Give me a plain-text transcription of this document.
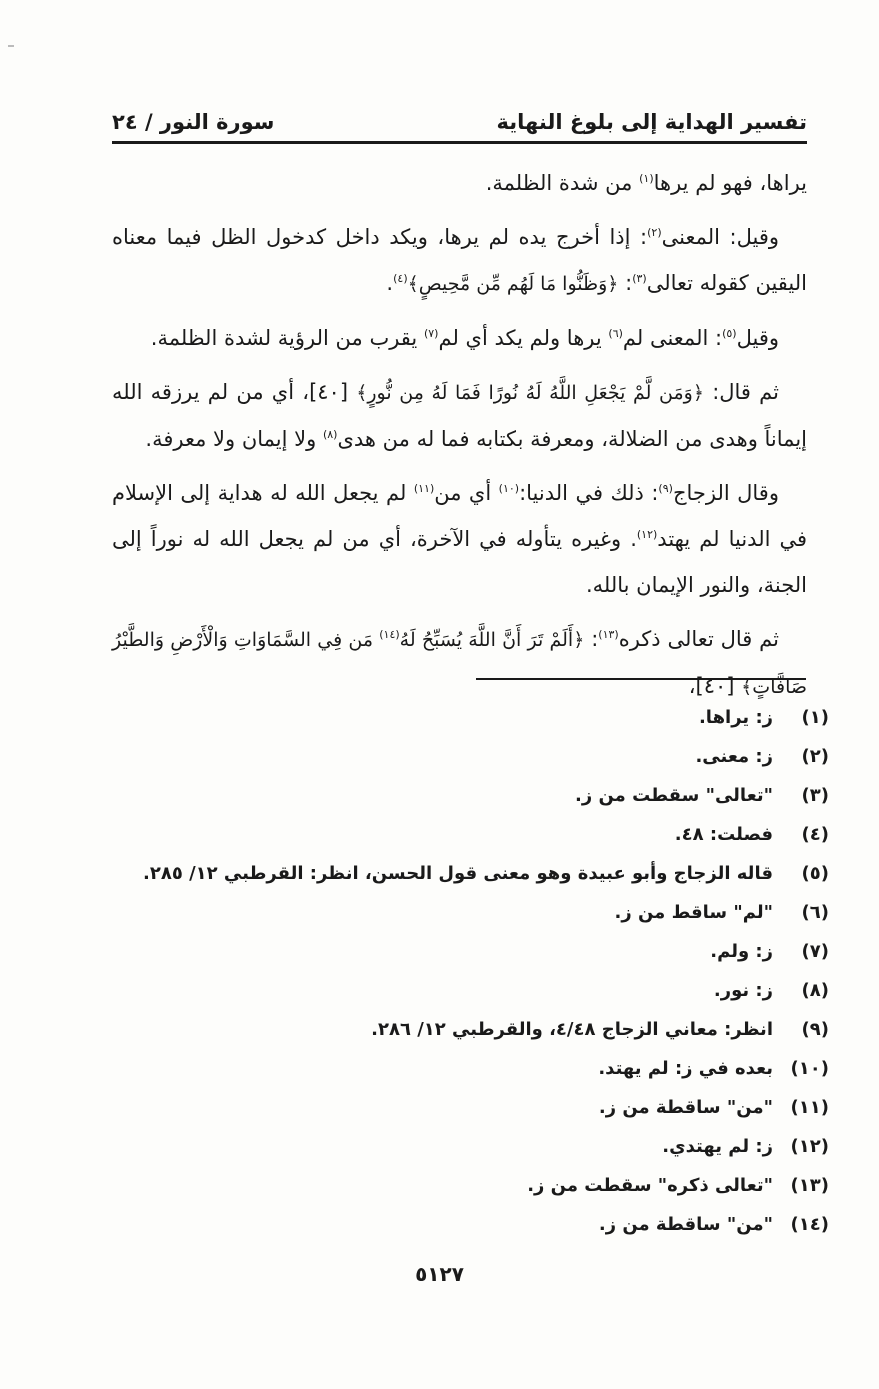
تفسير الهداية إلى بلوغ النهاية
سورة النور / ٢٤

يراها، فهو لم يرها$^{(١)}$ من شدة الظلمة.

وقيل: المعنى$^{(٢)}$: إذا أخرج يده لم يرها، ويكد داخل كدخول الظل فيما معناه اليقين كقوله تعالى$^{(٣)}$: ﴿وَظَنُّوا مَا لَهُم مِّن مَّحِيصٍ﴾$^{(٤)}$.

وقيل$^{(٥)}$: المعنى لم$^{(٦)}$ يرها ولم يكد أي لم$^{(٧)}$ يقرب من الرؤية لشدة الظلمة.

ثم قال: ﴿وَمَن لَّمْ يَجْعَلِ اللَّهُ لَهُ نُورًا فَمَا لَهُ مِن نُّورٍ﴾ [٤٠]، أي من لم يرزقه الله إيماناً وهدى من الضلالة، ومعرفة بكتابه فما له من هدى$^{(٨)}$ ولا إيمان ولا معرفة.

وقال الزجاج$^{(٩)}$: ذلك في الدنيا:$^{(١٠)}$ أي من$^{(١١)}$ لم يجعل الله له هداية إلى الإسلام في الدنيا لم يهتد$^{(١٢)}$. وغيره يتأوله في الآخرة، أي من لم يجعل الله له نوراً إلى الجنة، والنور الإيمان بالله.

ثم قال تعالى ذكره$^{(١٣)}$: ﴿أَلَمْ تَرَ أَنَّ اللَّهَ يُسَبِّحُ لَهُ$^{(١٤)}$ مَن فِي السَّمَاوَاتِ وَالْأَرْضِ وَالطَّيْرُ صَافَّاتٍ﴾ [٤٠]،

(١)
ز: يراها.
(٢)
ز: معنى.
(٣)
"تعالى" سقطت من ز.
(٤)
فصلت: ٤٨.
(٥)
قاله الزجاج وأبو عبيدة وهو معنى قول الحسن، انظر: القرطبي ١٢/ ٢٨٥.
(٦)
"لم" ساقط من ز.
(٧)
ز: ولم.
(٨)
ز: نور.
(٩)
انظر: معاني الزجاج ٤/٤٨، والقرطبي ١٢/ ٢٨٦.
(١٠)
بعده في ز: لم يهتد.
(١١)
"من" ساقطة من ز.
(١٢)
ز: لم يهتدي.
(١٣)
"تعالى ذكره" سقطت من ز.
(١٤)
"من" ساقطة من ز.
٥١٢٧
